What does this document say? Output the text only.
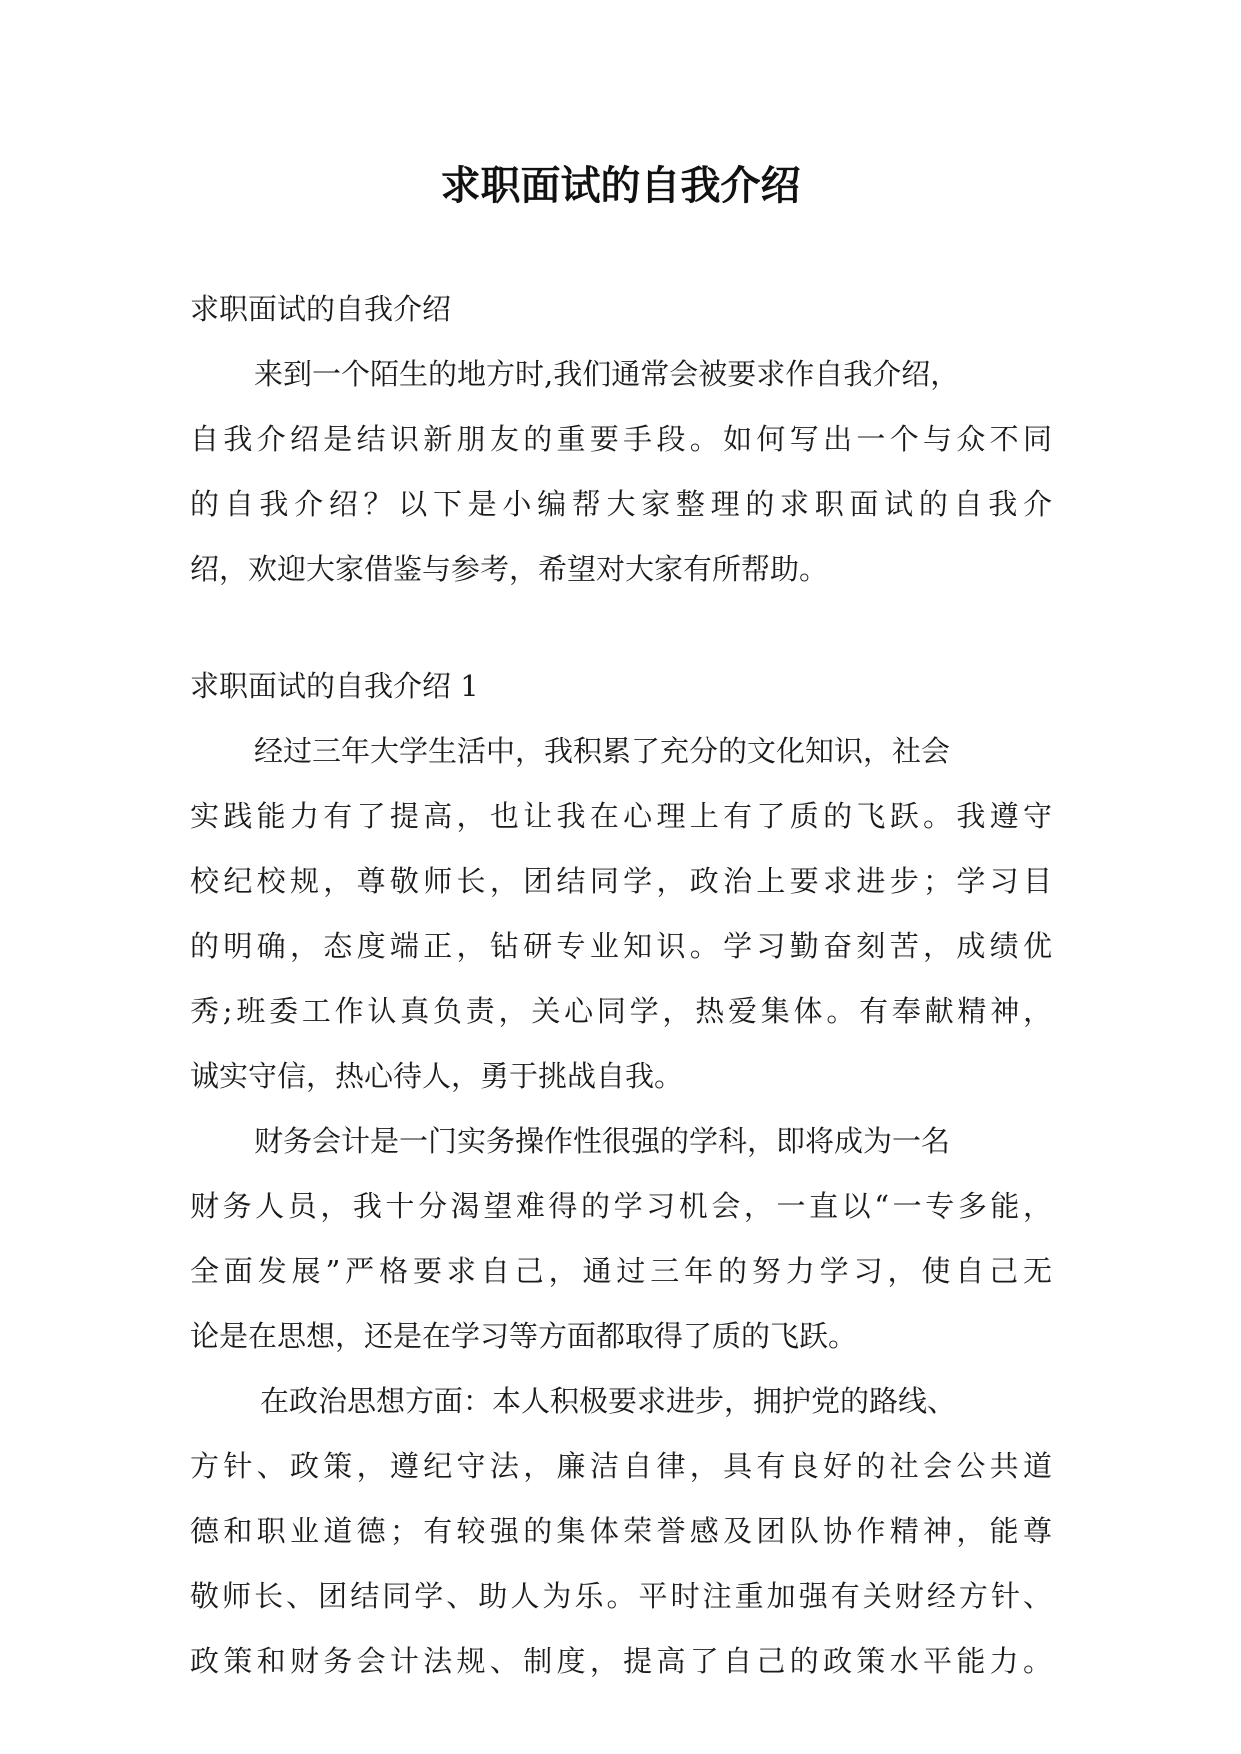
求职面试的自我介绍

求职面试的自我介绍

来到一个陌生的地方时,我们通常会被要求作自我介绍，

自我介绍是结识新朋友的重要手段。如何写出一个与众不同

的自我介绍？以下是小编帮大家整理的求职面试的自我介

绍，欢迎大家借鉴与参考，希望对大家有所帮助。

求职面试的自我介绍 1

经过三年大学生活中，我积累了充分的文化知识，社会

实践能力有了提高，也让我在心理上有了质的飞跃。我遵守

校纪校规，尊敬师长，团结同学，政治上要求进步；学习目

的明确，态度端正，钻研专业知识。学习勤奋刻苦，成绩优

秀;班委工作认真负责，关心同学，热爱集体。有奉献精神，

诚实守信，热心待人，勇于挑战自我。

财务会计是一门实务操作性很强的学科，即将成为一名

财务人员，我十分渴望难得的学习机会，一直以“一专多能，

全面发展”严格要求自己，通过三年的努力学习，使自己无

论是在思想，还是在学习等方面都取得了质的飞跃。

在政治思想方面：本人积极要求进步，拥护党的路线、

方针、政策，遵纪守法，廉洁自律，具有良好的社会公共道

德和职业道德；有较强的集体荣誉感及团队协作精神，能尊

敬师长、团结同学、助人为乐。平时注重加强有关财经方针、

政策和财务会计法规、制度，提高了自己的政策水平能力。
